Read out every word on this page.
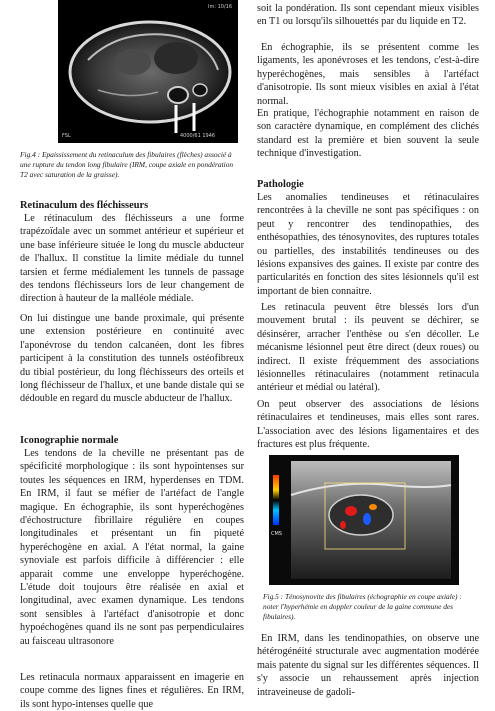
Im: 10/16
FSL	4000/61 1946

Fig.4 : Epaississement du retinaculum des fibulaires (flèches) associé à une rupture du tendon long fibulaire (IRM, coupe axiale en pondération T2 avec saturation de la graisse).

Retinaculum des fléchisseurs

Le rétinaculum des fléchisseurs a une forme trapézoïdale avec un sommet antérieur et supérieur et une base inférieure située le long du muscle abducteur de l'hallux. Il constitue la limite médiale du tunnel tarsien et ferme médialement les tunnels de passage des tendons fléchisseurs lors de leur changement de direction à hauteur de la malléole médiale.

On lui distingue une bande proximale, qui présente une extension postérieure en continuité avec l'aponévrose du tendon calcanéen, dont les fibres participent à la constitution des tunnels ostéofibreux du tibial postérieur, du long fléchisseurs des orteils et long fléchisseur de l'hallux, et une bande distale qui se dédouble en regard du muscle abducteur de l'hallux.

Iconographie normale

Les tendons de la cheville ne présentant pas de spécificité morphologique : ils sont hypointenses sur toutes les séquences en IRM, hyperdenses en TDM. En IRM, il faut se méfier de l'artéfact de l'angle magique. En échographie, ils sont hyperéchogènes d'échostructure fibrillaire régulière en coupes longitudinales et présentant un fin piqueté hyperéchogène en axial. A l'état normal, la gaine synoviale est parfois difficile à différencier : elle apparait comme une enveloppe hyperéchogène. L'étude doit toujours être réalisée en axial et longitudinal, avec examen dynamique. Les tendons sont sensibles à l'artéfact d'anisotropie et donc hypoéchogènes quand ils ne sont pas perpendiculaires au faisceau ultrasonore

Les retinacula normaux apparaissent en imagerie en coupe comme des lignes fines et régulières. En IRM, ils sont hypo-intenses quelle que

soit la pondération. Ils sont cependant mieux visibles en T1 ou lorsqu'ils silhouettés par du liquide en T2.

En échographie, ils se présentent comme les ligaments, les aponévroses et les tendons, c'est-à-dire hyperéchogènes, mais sensibles à l'artéfact d'anisotropie. Ils sont mieux visibles en axial à l'état normal.

En pratique, l'échographie notamment en raison de son caractère dynamique, en complément des clichés standard est la première et bien souvent la seule technique d'investigation.

Pathologie

Les anomalies tendineuses et rétinaculaires rencontrées à la cheville ne sont pas spécifiques : on peut y rencontrer des tendinopathies, des enthésopathies, des ténosynovites, des ruptures totales ou partielles, des instabilités tendineuses ou des lésions expansives des gaines. Il existe par contre des particularités en fonction des sites lésionnels qu'il est important de bien connaitre.

Les retinacula peuvent être blessés lors d'un mouvement brutal : ils peuvent se déchirer, se désinsérer, arracher l'enthèse ou s'en décoller. Le mécanisme lésionnel peut être direct (deux roues) ou indirect. Il existe fréquemment des associations lésionnelles rétinaculaires (notamment retinacula antérieur et médial ou latéral).

On peut observer des associations de lésions rétinaculaires et tendineuses, mais elles sont rares. L'association avec des lésions ligamentaires et des fractures est plus fréquente.

CMS

Fig.5 : Ténosynovite des fibulaires (échographie en coupe axiale) : noter l'hyperhémie en doppler couleur de la gaine commune des fibulaires).

En IRM, dans les tendinopathies, on observe une hétérogénéité structurale avec augmentation modérée mais patente du signal sur les différentes séquences. Il s'y associe un rehaussement après injection intraveineuse de gadoli-
